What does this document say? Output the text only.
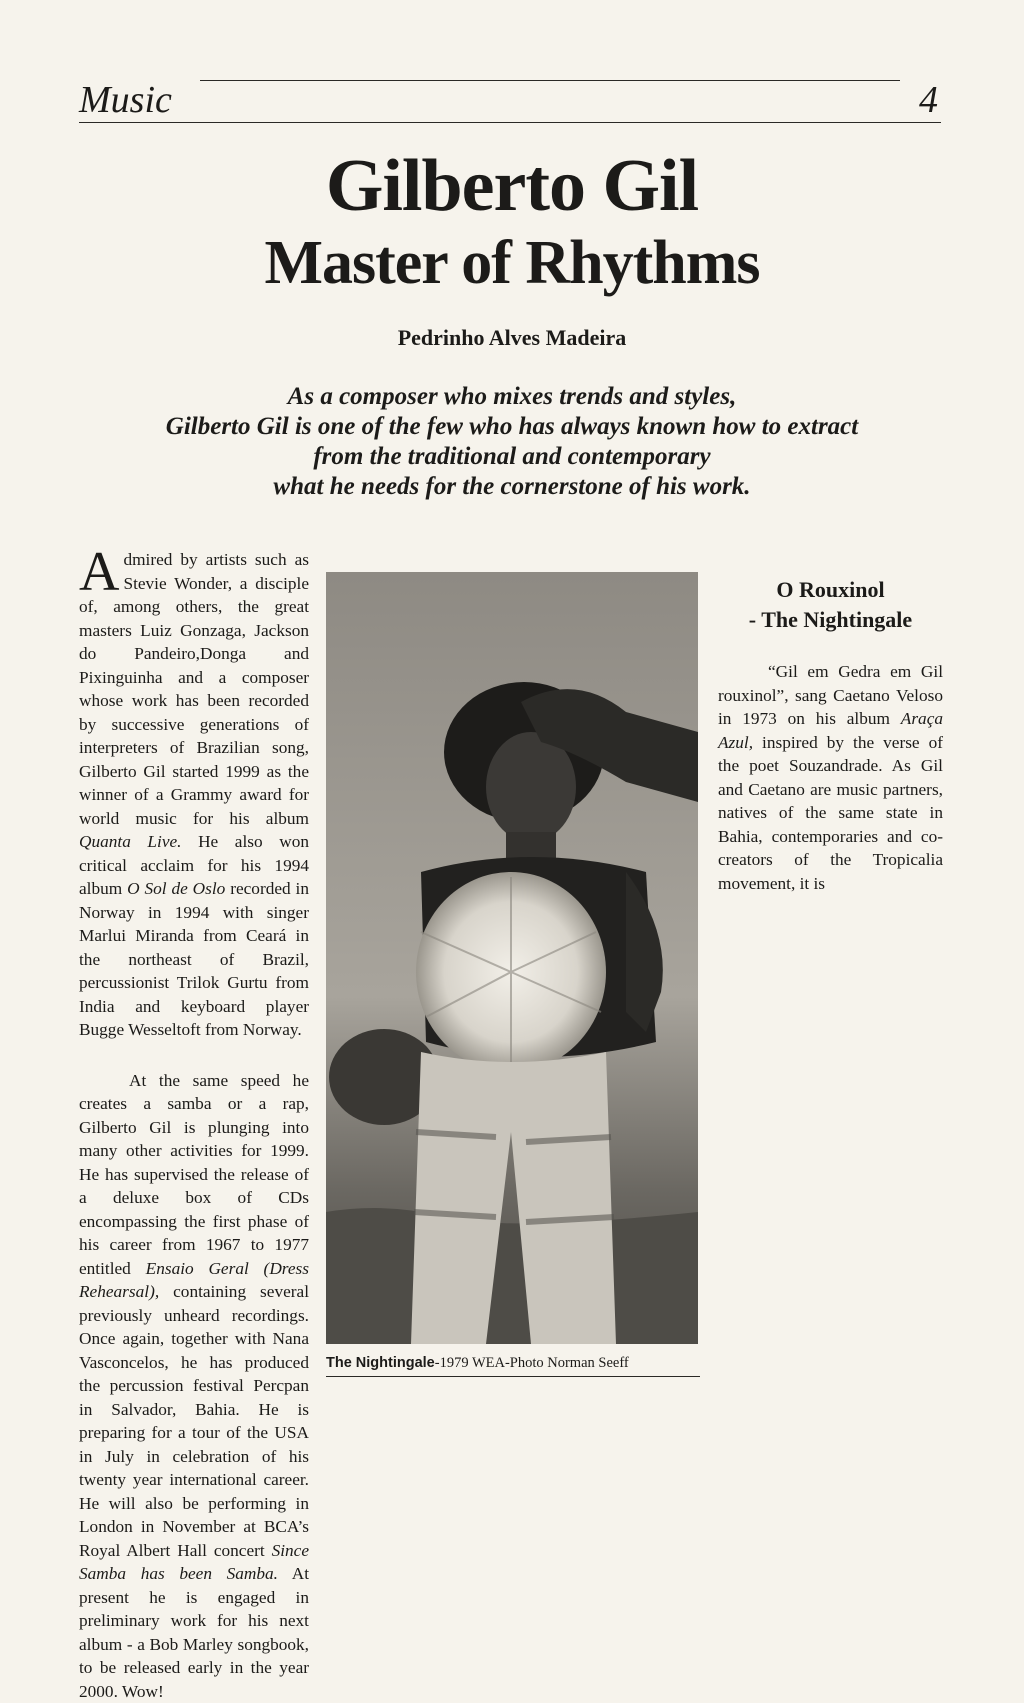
Music	4
Gilberto Gil
Master of Rhythms
Pedrinho Alves Madeira
As a composer who mixes trends and styles,
Gilberto Gil is one of the few who has always known how to extract
from the traditional and contemporary
what he needs for the cornerstone of his work.

Admired by artists such as Stevie Wonder, a disciple of, among others, the great masters Luiz Gonzaga, Jackson do Pandeiro,Donga and Pixinguinha and a composer whose work has been recorded by successive generations of interpreters of Brazilian song, Gilberto Gil started 1999 as the winner of a Grammy award for world music for his album Quanta Live. He also won critical acclaim for his 1994 album O Sol de Oslo recorded in Norway in 1994 with singer Marlui Miranda from Ceará in the northeast of Brazil, percussionist Trilok Gurtu from India and keyboard player Bugge Wesseltoft from Norway.

At the same speed he creates a samba or a rap, Gilberto Gil is plunging into many other activities for 1999. He has supervised the release of a deluxe box of CDs encompassing the first phase of his career from 1967 to 1977 entitled Ensaio Geral (Dress Rehearsal), containing several previously unheard recordings. Once again, together with Nana Vasconcelos, he has produced the percussion festival Percpan in Salvador, Bahia. He is preparing for a tour of the USA in July in celebration of his twenty year international career. He will also be performing in London in November at BCA’s Royal Albert Hall concert Since Samba has been Samba. At present he is engaged in preliminary work for his next album - a Bob Marley songbook, to be released early in the year 2000. Wow!

The Nightingale-1979 WEA-Photo Norman Seeff

O Rouxinol
- The Nightingale

“Gil em Gedra em Gil rouxinol”, sang Caetano Veloso in 1973 on his album Araça Azul, inspired by the verse of the poet Souzandrade. As Gil and Caetano are music partners, natives of the same state in Bahia, contemporaries and co-creators of the Tropicalia movement, it is
